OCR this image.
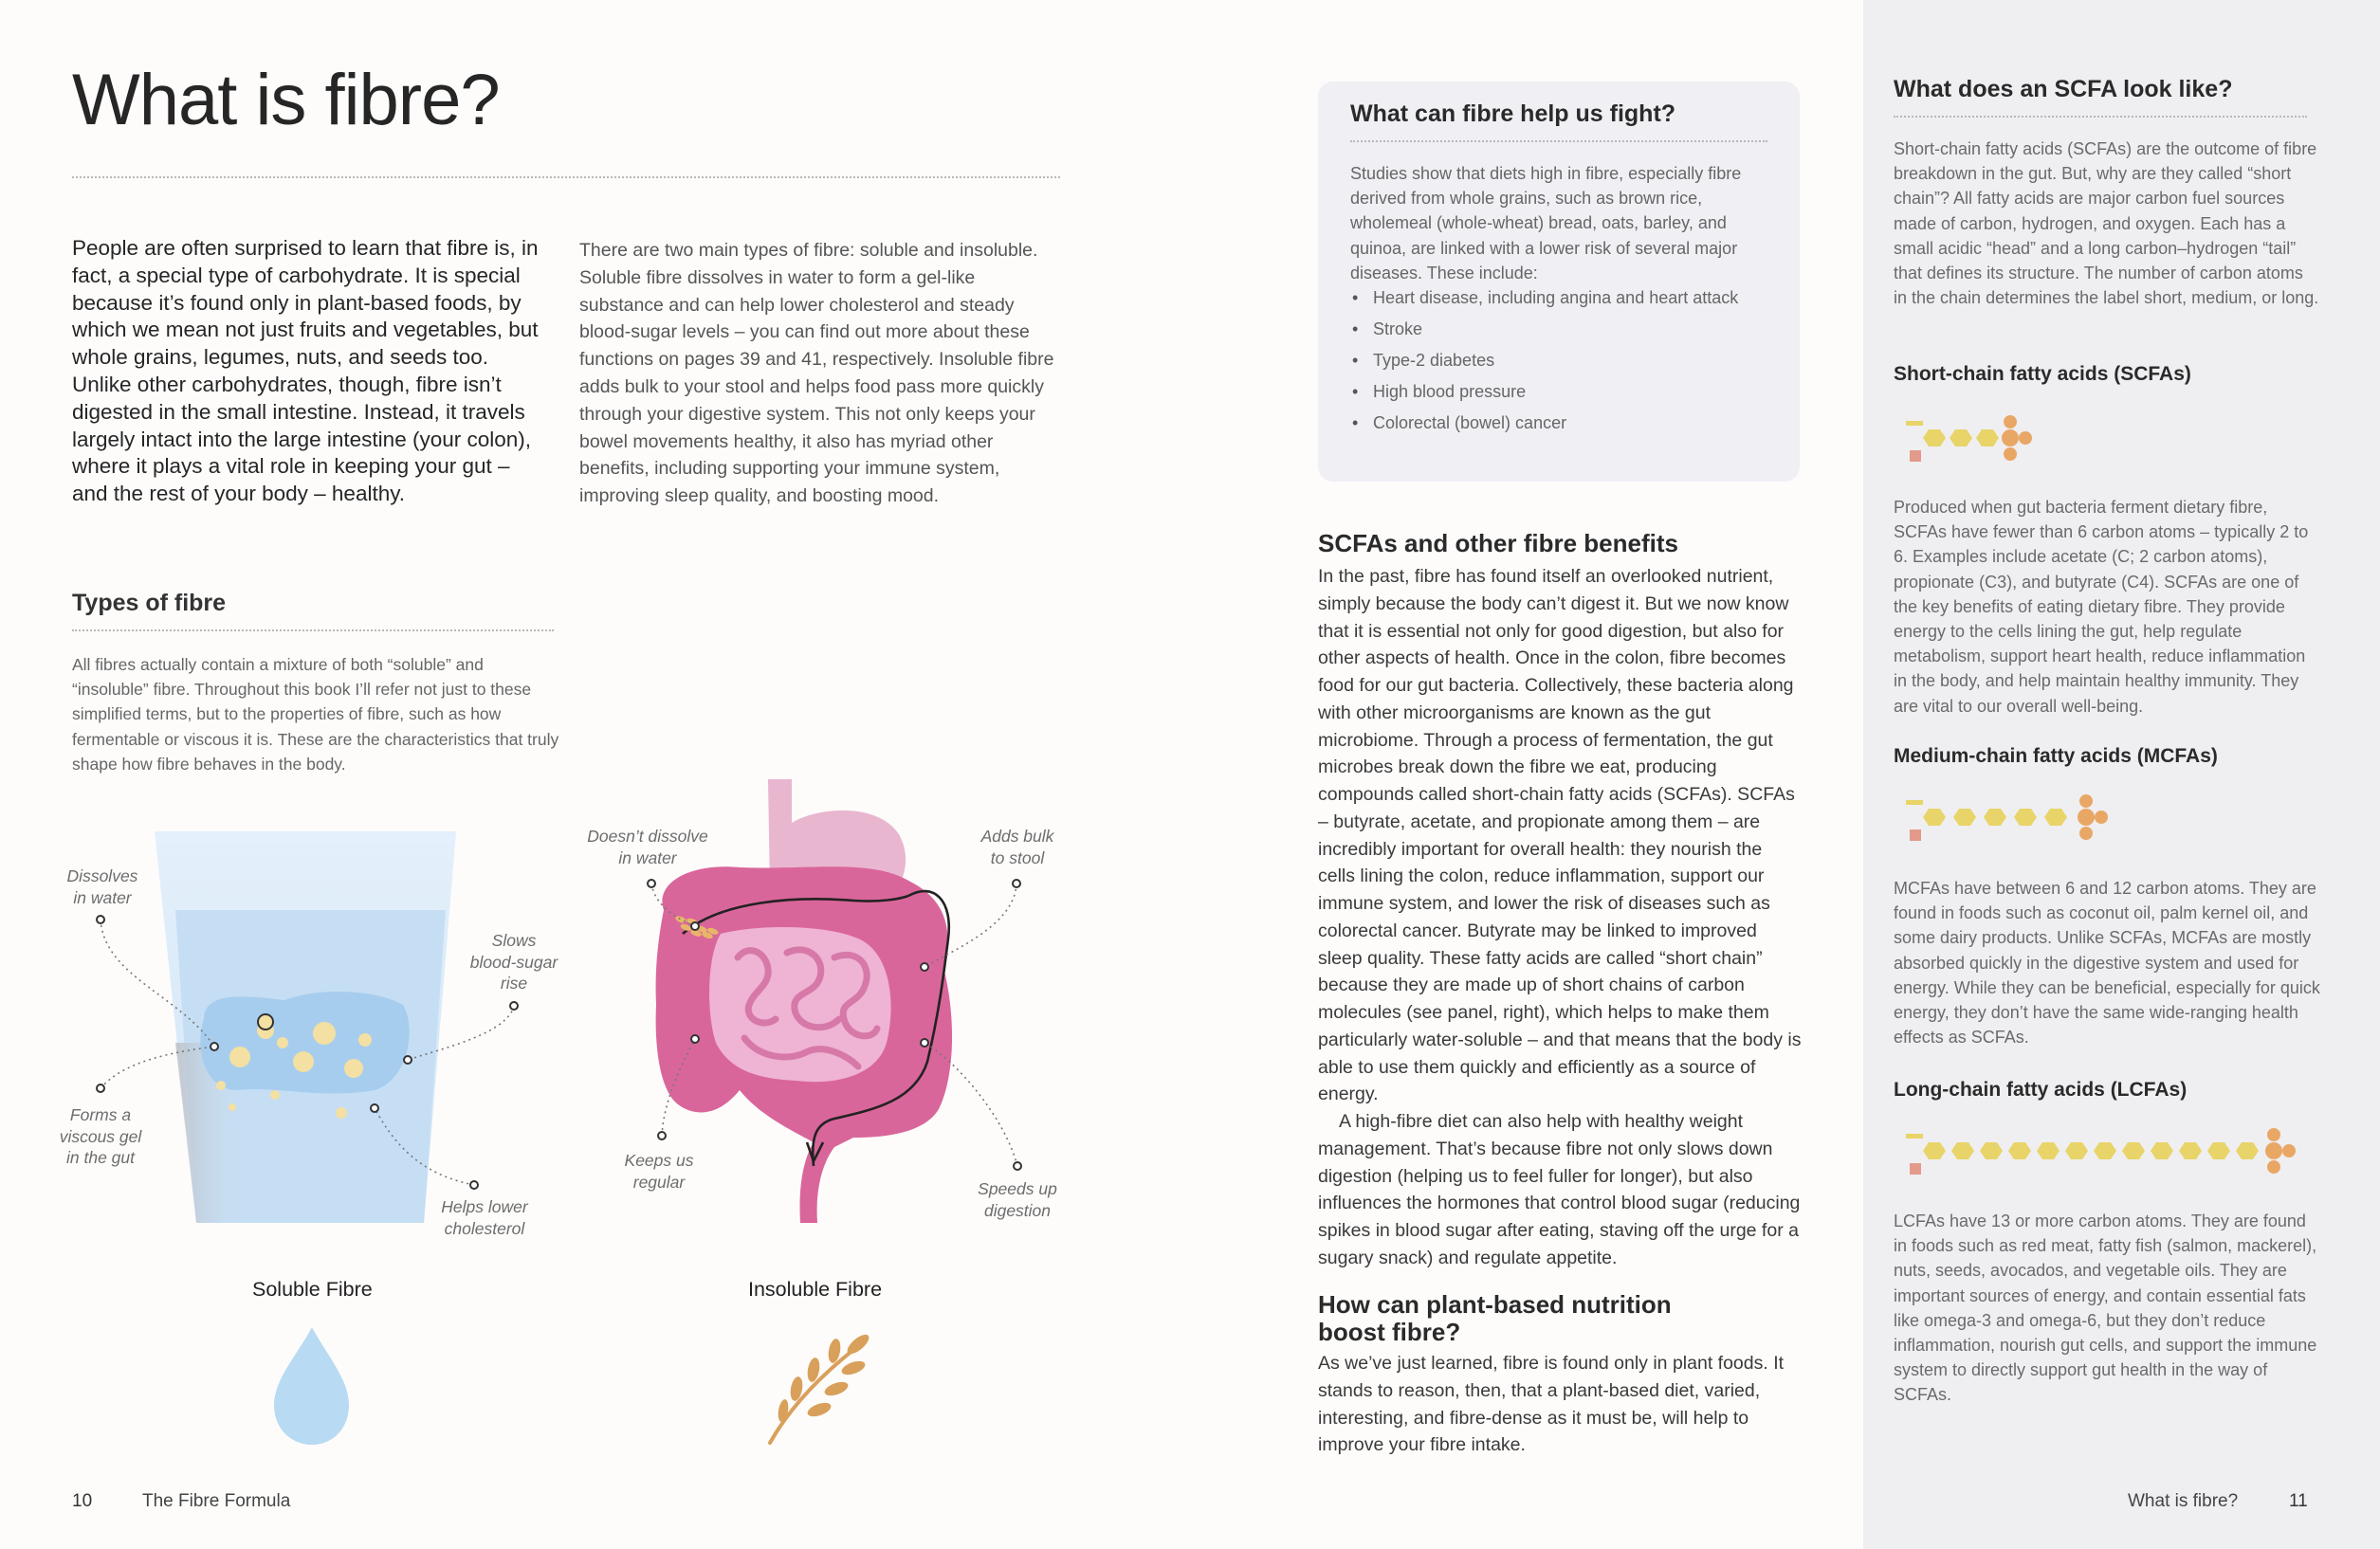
What is fibre?

People are often surprised to learn that fibre is, in fact, a special type of carbohydrate. It is special because it’s found only in plant-based foods, by which we mean not just fruits and vegetables, but whole grains, legumes, nuts, and seeds too. Unlike other carbohydrates, though, fibre isn’t digested in the small intestine. Instead, it travels largely intact into the large intestine (your colon), where it plays a vital role in keeping your gut – and the rest of your body – healthy.

There are two main types of fibre: soluble and insoluble. Soluble fibre dissolves in water to form a gel-like substance and can help lower cholesterol and steady blood-sugar levels – you can find out more about these functions on pages 39 and 41, respectively. Insoluble fibre adds bulk to your stool and helps food pass more quickly through your digestive system. This not only keeps your bowel movements healthy, it also has myriad other benefits, including supporting your immune system, improving sleep quality, and boosting mood.

Types of fibre

All fibres actually contain a mixture of both “soluble” and “insoluble” fibre. Throughout this book I’ll refer not just to these simplified terms, but to the properties of fibre, such as how fermentable or viscous it is. These are the characteristics that truly shape how fibre behaves in the body.

Dissolves
in water
Slows
blood-sugar
rise
Forms a
viscous gel
in the gut
Helps lower
cholesterol
Doesn’t dissolve
in water
Adds bulk
to stool
Keeps us
regular	Speeds up
digestion
Soluble Fibre	Insoluble Fibre
10	The Fibre Formula
What can fibre help us fight?

Studies show that diets high in fibre, especially fibre derived from whole grains, such as brown rice, wholemeal (whole-wheat) bread, oats, barley, and quinoa, are linked with a lower risk of several major diseases. These include:

• Heart disease, including angina and heart attack
• Stroke
• Type-2 diabetes
• High blood pressure
• Colorectal (bowel) cancer
SCFAs and other fibre benefits

In the past, fibre has found itself an overlooked nutrient, simply because the body can’t digest it. But we now know that it is essential not only for good digestion, but also for other aspects of health. Once in the colon, fibre becomes food for our gut bacteria. Collectively, these bacteria along with other microorganisms are known as the gut microbiome. Through a process of fermentation, the gut microbes break down the fibre we eat, producing compounds called short-chain fatty acids (SCFAs). SCFAs – butyrate, acetate, and propionate among them – are incredibly important for overall health: they nourish the cells lining the colon, reduce inflammation, support our immune system, and lower the risk of diseases such as colorectal cancer. Butyrate may be linked to improved sleep quality. These fatty acids are called “short chain” because they are made up of short chains of carbon molecules (see panel, right), which helps to make them particularly water-soluble – and that means that the body is able to use them quickly and efficiently as a source of energy.

A high-fibre diet can also help with healthy weight management. That’s because fibre not only slows down digestion (helping us to feel fuller for longer), but also influences the hormones that control blood sugar (reducing spikes in blood sugar after eating, staving off the urge for a sugary snack) and regulate appetite.

How can plant-based nutrition boost fibre?

As we’ve just learned, fibre is found only in plant foods. It stands to reason, then, that a plant-based diet, varied, interesting, and fibre-dense as it must be, will help to improve your fibre intake.

What does an SCFA look like?

Short-chain fatty acids (SCFAs) are the outcome of fibre breakdown in the gut. But, why are they called “short chain”? All fatty acids are major carbon fuel sources made of carbon, hydrogen, and oxygen. Each has a small acidic “head” and a long carbon–hydrogen “tail” that defines its structure. The number of carbon atoms in the chain determines the label short, medium, or long.

Short-chain fatty acids (SCFAs)

Produced when gut bacteria ferment dietary fibre, SCFAs have fewer than 6 carbon atoms – typically 2 to 6. Examples include acetate (C; 2 carbon atoms), propionate (C3), and butyrate (C4). SCFAs are one of the key benefits of eating dietary fibre. They provide energy to the cells lining the gut, help regulate metabolism, support heart health, reduce inflammation in the body, and help maintain healthy immunity. They are vital to our overall well-being.

Medium-chain fatty acids (MCFAs)

MCFAs have between 6 and 12 carbon atoms. They are found in foods such as coconut oil, palm kernel oil, and some dairy products. Unlike SCFAs, MCFAs are mostly absorbed quickly in the digestive system and used for energy. While they can be beneficial, especially for quick energy, they don’t have the same wide-ranging health effects as SCFAs.

Long-chain fatty acids (LCFAs)

LCFAs have 13 or more carbon atoms. They are found in foods such as red meat, fatty fish (salmon, mackerel), nuts, seeds, avocados, and vegetable oils. They are important sources of energy, and contain essential fats like omega-3 and omega-6, but they don’t reduce inflammation, nourish gut cells, and support the immune system to directly support gut health in the way of SCFAs.

What is fibre?	11
